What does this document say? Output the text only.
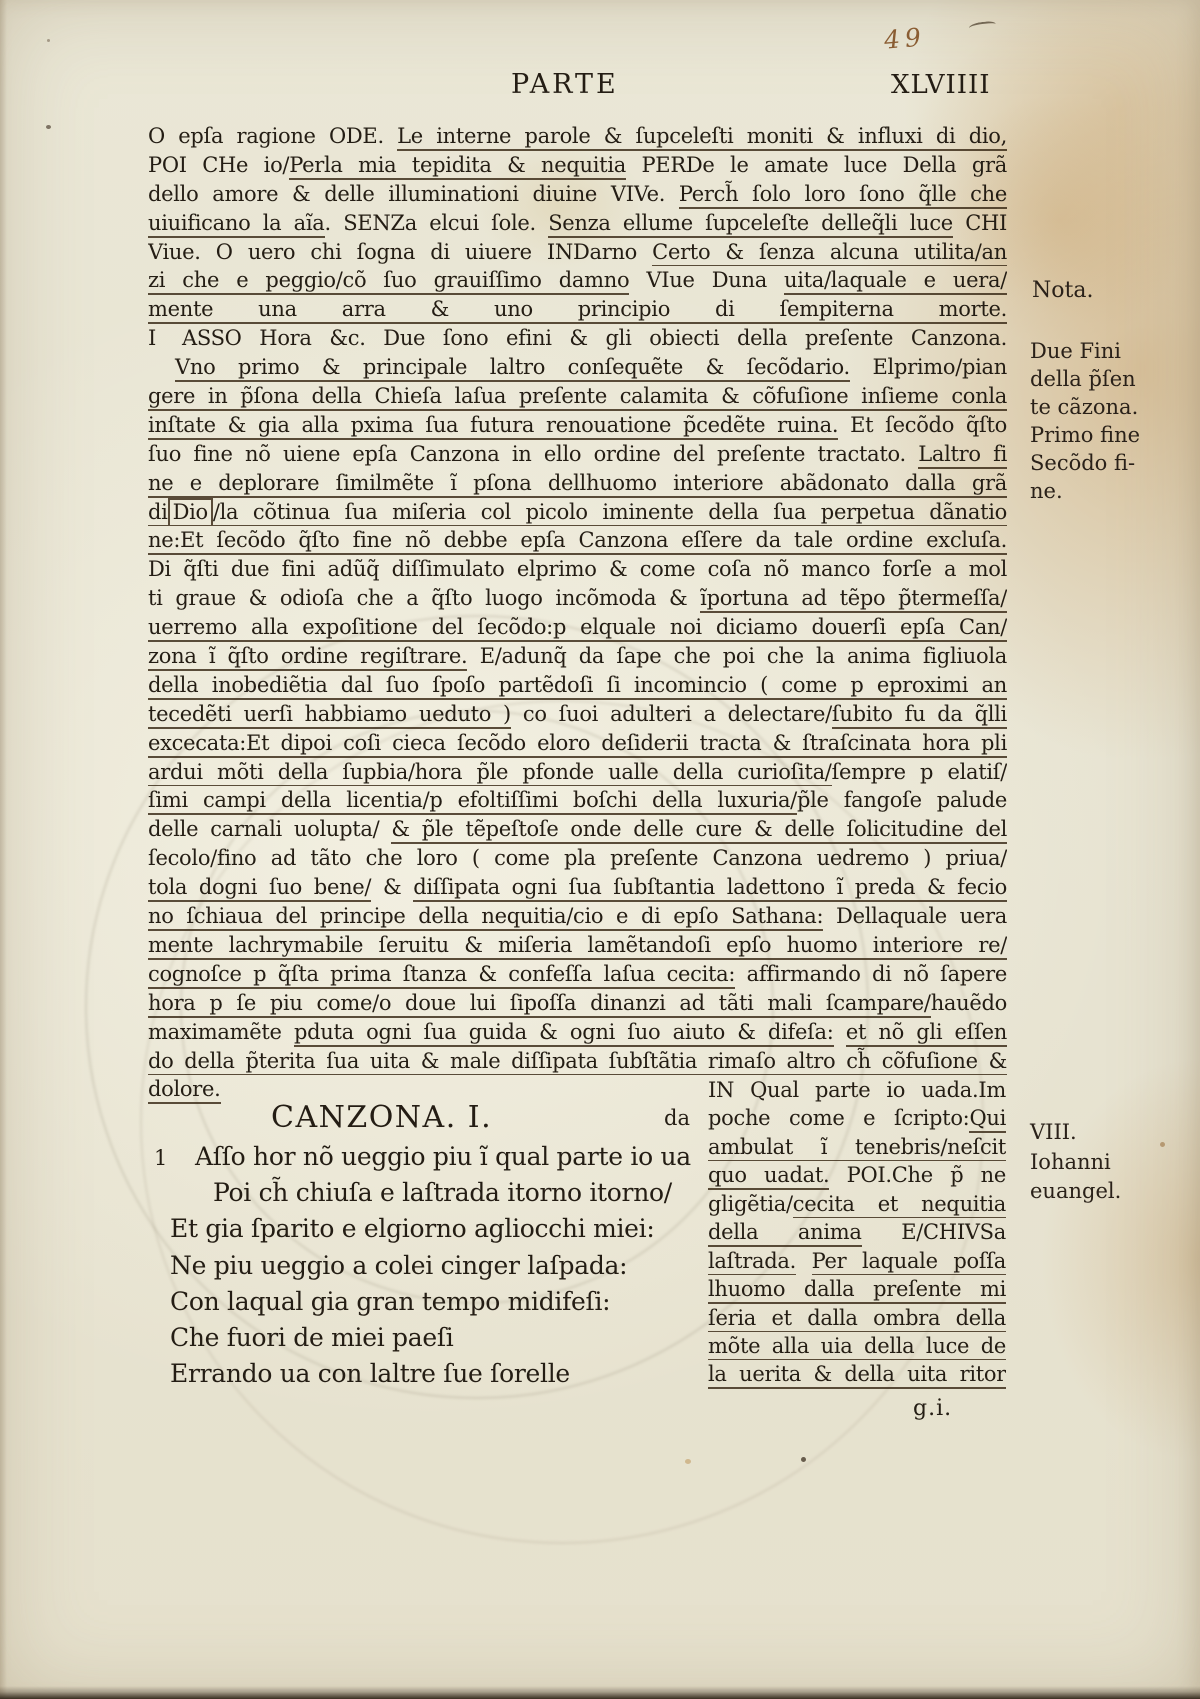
49
PARTE	XLVIIII
O epſa ragione ODE. Le interne parole & ſupceleſti moniti & influxi di dio,
POI CHe io/Perla mia tepidita & nequitia PERDe le amate luce Della grã
dello amore & delle illuminationi diuine VIVe. Perch̃ ſolo loro ſono q̃lle che
uiuificano la aĩa. SENZa elcui ſole. Senza ellume ſupceleſte delleq̃li luce CHI
Viue. O uero chi ſogna di uiuere INDarno Certo & ſenza alcuna utilita/an
zi che e peggio/cõ ſuo grauiſſimo damno VIue Duna uita/laquale e uera/
mente una arra & uno principio di ſempiterna morte.
I ASSO Hora &c. Due ſono efini & gli obiecti della preſente Canzona.
Vno primo & principale laltro conſequẽte & ſecõdario. Elprimo/pian
gere in p̃ſona della Chieſa laſua preſente calamita & cõfuſione inſieme conla
inſtate & gia alla pxima ſua futura renouatione p̃cedẽte ruina. Et ſecõdo q̃ſto
ſuo fine nõ uiene epſa Canzona in ello ordine del preſente tractato. Laltro fi
ne e deplorare ſimilmẽte ĩ pſona dellhuomo interiore abãdonato dalla grã
di Dio /la cõtinua ſua miſeria col picolo iminente della ſua perpetua dãnatio
ne:Et ſecõdo q̃ſto fine nõ debbe epſa Canzona eſſere da tale ordine excluſa.
Di q̃ſti due fini adũq̃ diſſimulato elprimo & come coſa nõ manco forſe a mol
ti graue & odioſa che a q̃ſto luogo incõmoda & ĩportuna ad tẽpo p̃termeſſa/
uerremo alla expoſitione del ſecõdo:p elquale noi diciamo douerſi epſa Can/
zona ĩ q̃ſto ordine regiſtrare. E/adunq̃ da ſape che poi che la anima figliuola
della inobediẽtia dal ſuo ſpoſo partẽdoſi ſi incomincio ( come p eproximi an
tecedẽti uerſi habbiamo ueduto ) co ſuoi adulteri a delectare/ſubito fu da q̃lli
excecata:Et dipoi coſi cieca ſecõdo eloro deſiderii tracta & ſtraſcinata hora pli
ardui mõti della ſupbia/hora p̃le pfonde ualle della curioſita/ſempre p elatiſ/
ſimi campi della licentia/p efoltiſſimi boſchi della luxuria/p̃le fangoſe palude
delle carnali uolupta/ & p̃le tẽpeſtoſe onde delle cure & delle ſolicitudine del
ſecolo/fino ad tãto che loro ( come pla preſente Canzona uedremo ) priua/
tola dogni ſuo bene/ & diſſipata ogni ſua ſubſtantia ladettono ĩ preda & fecio
no ſchiaua del principe della nequitia/cio e di epſo Sathana: Dellaquale uera
mente lachrymabile ſeruitu & miſeria lamẽtandoſi epſo huomo interiore re/
cognoſce p q̃ſta prima ſtanza & confeſſa laſua cecita: affirmando di nõ ſapere
hora p ſe piu come/o doue lui ſipoſſa dinanzi ad tãti mali ſcampare/hauẽdo
maximamẽte pduta ogni ſua guida & ogni ſuo aiuto & difeſa: et nõ gli eſſen
do della p̃terita ſua uita & male diſſipata ſubſtãtia rimaſo altro ch̃ cõfuſione &
dolore.	IN Qual parte io uada.Im
poche come e ſcripto:Qui
ambulat ĩ tenebris/neſcit
quo uadat. POI.Che p̃ ne
gligẽtia/cecita et nequitia
della anima E/CHIVSa
laſtrada. Per laquale poſſa
lhuomo dalla preſente mi
ſeria et dalla ombra della
mõte alla uia della luce de
la uerita & della uita ritor
da
CANZONA. I.
1 Aſſo hor nõ ueggio piu ĩ qual parte io ua
Poi ch̃ chiuſa e laſtrada itorno itorno/
Et gia ſparito e elgiorno agliocchi miei:
Ne piu ueggio a colei cinger laſpada:
Con laqual gia gran tempo midifeſi:
Che fuori de miei paeſi
Errando ua con laltre ſue ſorelle
Nota.
Due Fini
della p̃ſen
te cãzona.
Primo fine
Secõdo fi-
ne.
VIII.
Iohanni
euangel.
g.i.
